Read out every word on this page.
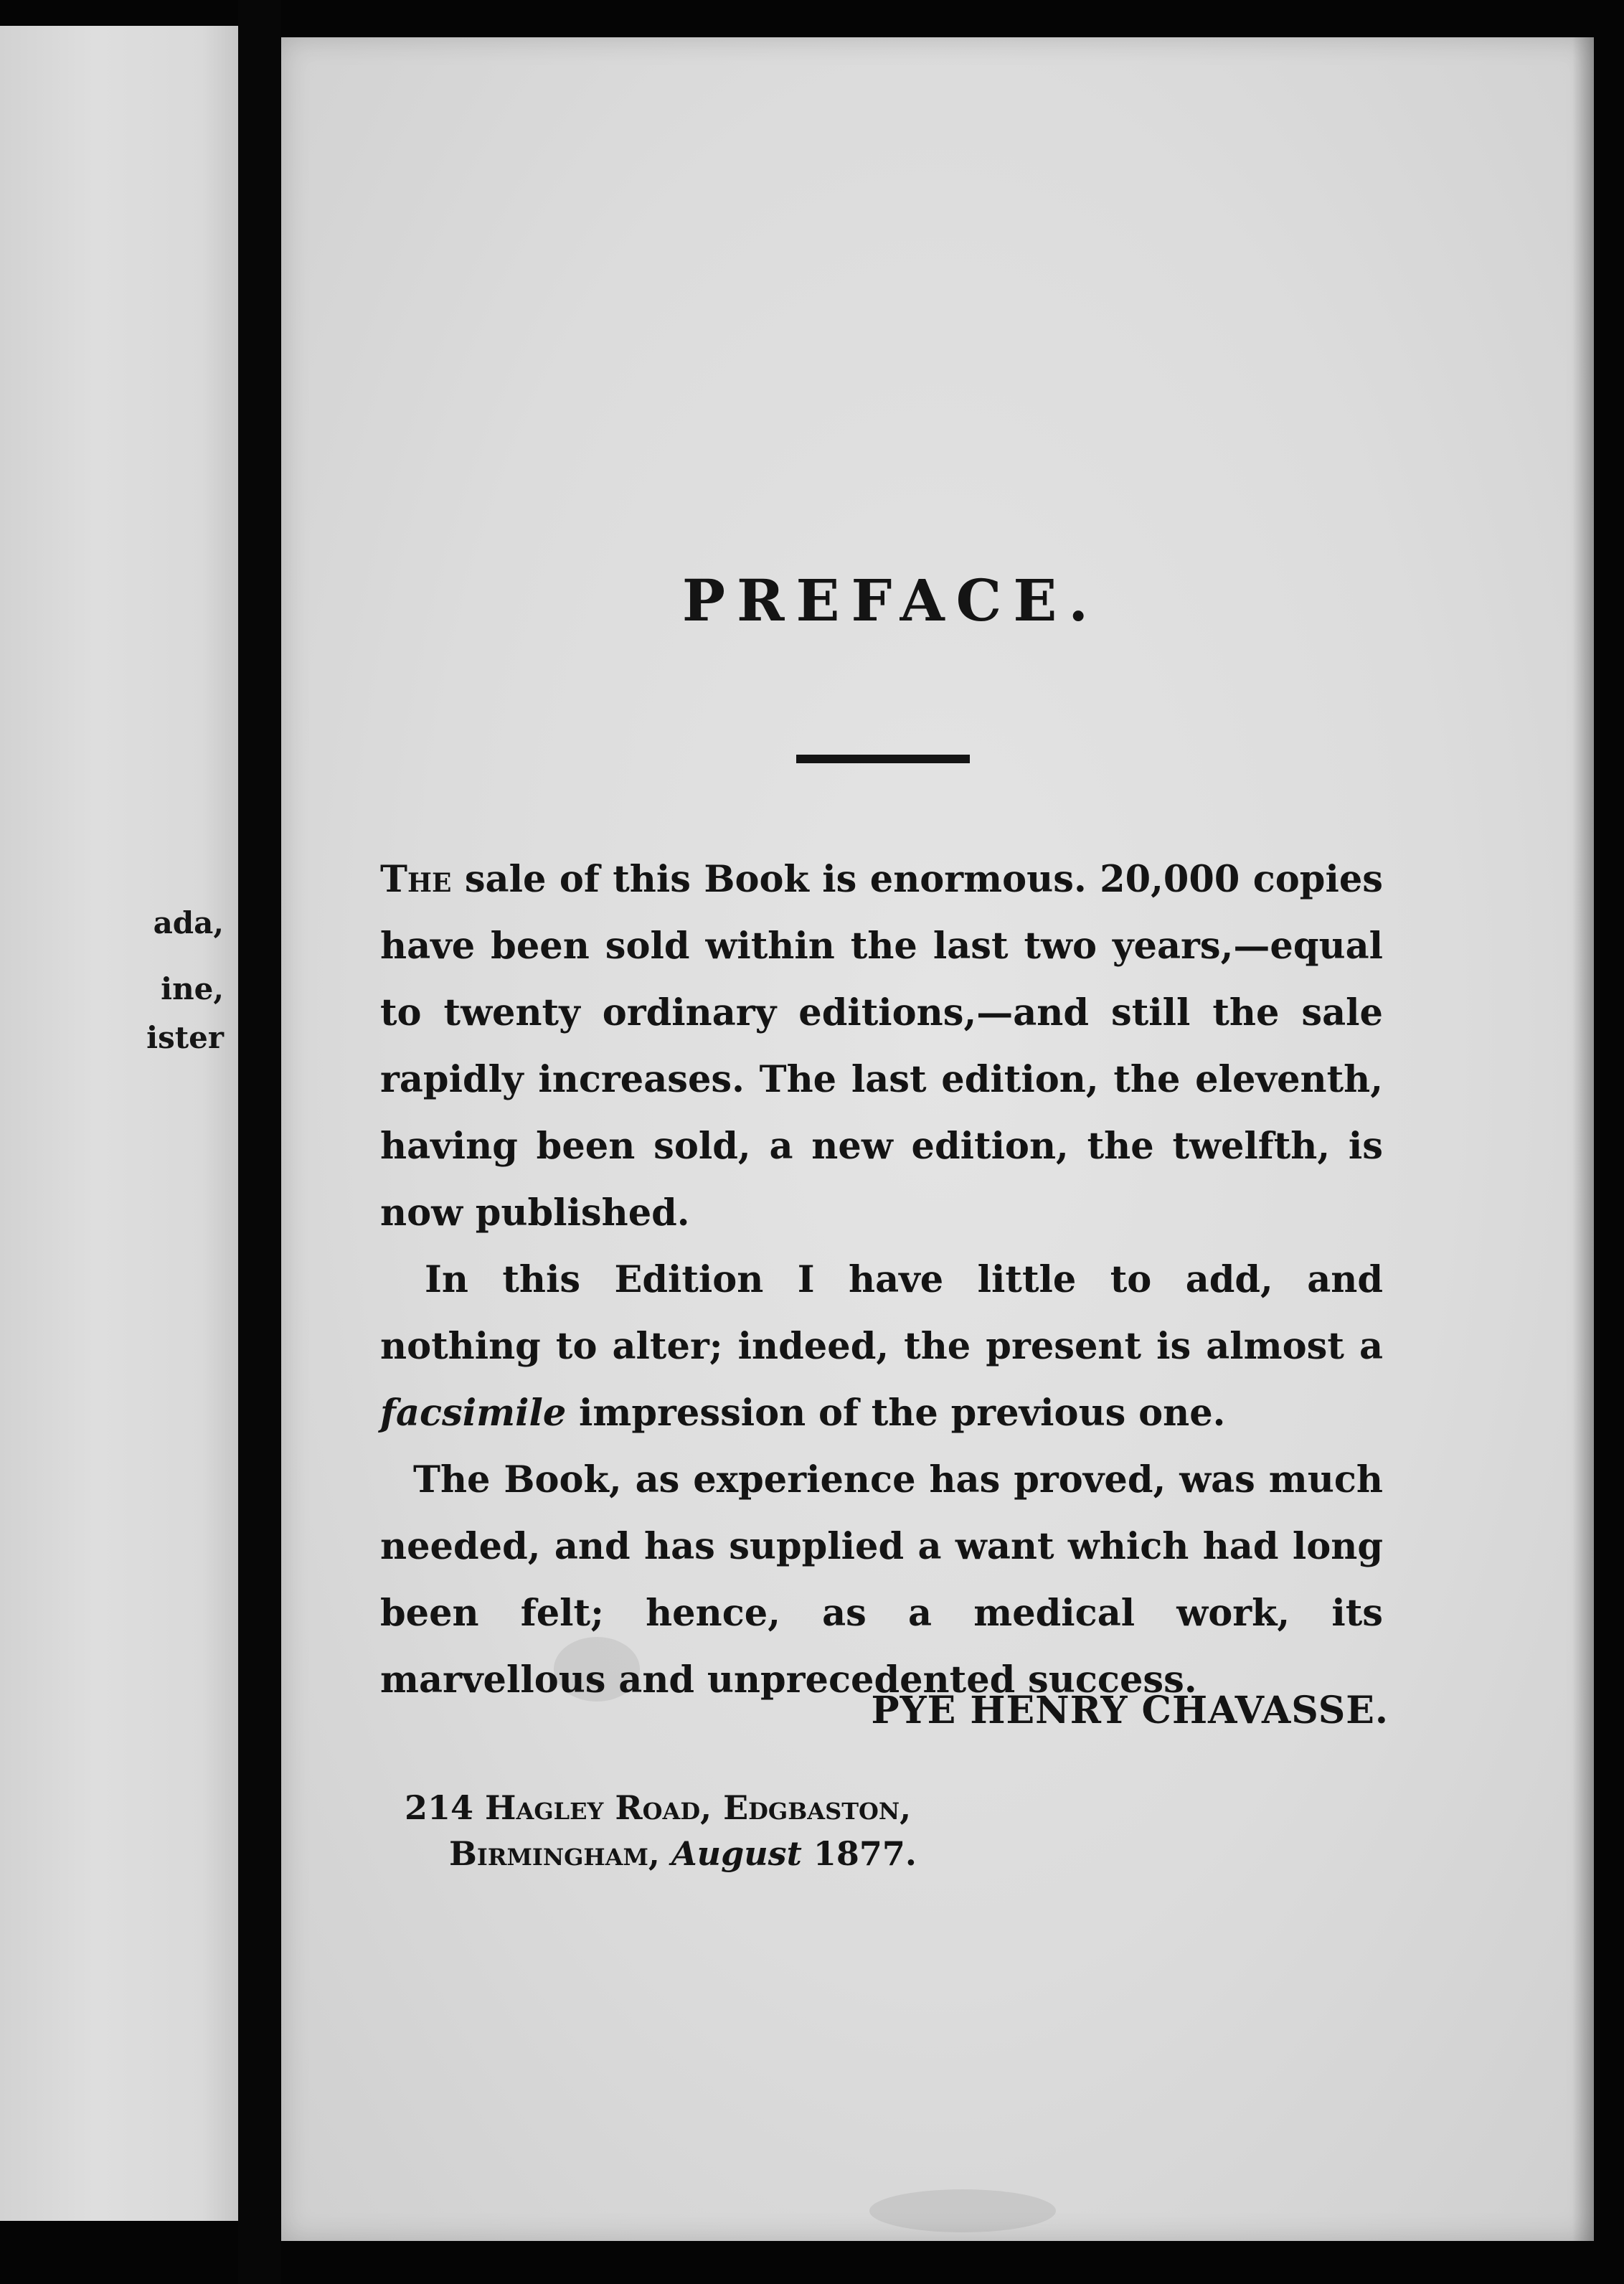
ada,
ine,
ister
PREFACE.

The sale of this Book is enormous. 20,000 copies have been sold within the last two years,—equal to twenty ordinary editions,—and still the sale rapidly increases. The last edition, the eleventh, having been sold, a new edition, the twelfth, is now published.

In this Edition I have little to add, and nothing to alter; indeed, the present is almost a facsimile impression of the previous one.

The Book, as experience has proved, was much needed, and has supplied a want which had long been felt; hence, as a medical work, its marvellous and unprecedented success.

PYE HENRY CHAVASSE.
214 Hagley Road, Edgbaston,
Birmingham, August 1877.
